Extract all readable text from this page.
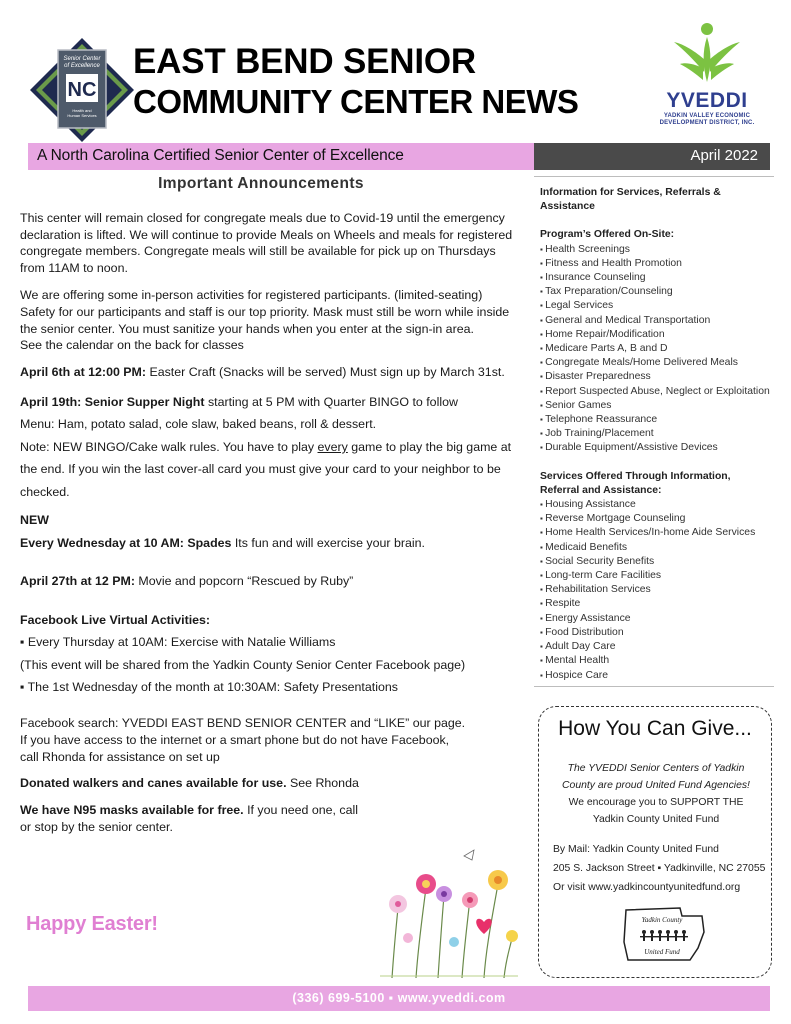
NC
Senior Center
of Excellence
Health and
Human Services
EAST BEND SENIOR
COMMUNITY CENTER NEWS	YVEDDI
YADKIN VALLEY ECONOMIC
DEVELOPMENT DISTRICT, INC.
A North Carolina Certified Senior Center of Excellence	April 2022
Important Announcements

This center will remain closed for congregate meals due to Covid-19 until the emergency declaration is lifted. We will continue to provide Meals on Wheels and meals for registered congregate members. Congregate meals will still be available for pick up on Thursdays from 11AM to noon.

We are offering some in-person activities for registered participants. (limited-seating) Safety for our participants and staff is our top priority. Mask must still be worn while inside the senior center. You must sanitize your hands when you enter at the sign-in area.

See the calendar on the back for classes

April 6th at 12:00 PM: Easter Craft (Snacks will be served) Must sign up by March 31st.

April 19th: Senior Supper Night starting at 5 PM with Quarter BINGO to follow

Menu: Ham, potato salad, cole slaw, baked beans, roll & dessert.

Note: NEW BINGO/Cake walk rules. You have to play every game to play the big game at the end. If you win the last cover-all card you must give your card to your neighbor to be checked.

NEW

Every Wednesday at 10 AM: Spades Its fun and will exercise your brain.

April 27th at 12 PM: Movie and popcorn “Rescued by Ruby”

Facebook Live Virtual Activities:

▪ Every Thursday at 10AM: Exercise with Natalie Williams

(This event will be shared from the Yadkin County Senior Center Facebook page)

▪ The 1st Wednesday of the month at 10:30AM: Safety Presentations

Facebook search: YVEDDI EAST BEND SENIOR CENTER and “LIKE” our page.

If you have access to the internet or a smart phone but do not have Facebook,

call Rhonda for assistance on set up

Donated walkers and canes available for use. See Rhonda

We have N95 masks available for free. If you need one, call or stop by the senior center.

Happy Easter!
Information for Services, Referrals & Assistance
Program’s Offered On-Site:
▪ Health Screenings
▪ Fitness and Health Promotion
▪ Insurance Counseling
▪ Tax Preparation/Counseling
▪ Legal Services
▪ General and Medical Transportation
▪ Home Repair/Modification
▪ Medicare Parts A, B and D
▪ Congregate Meals/Home Delivered Meals
▪ Disaster Preparedness
▪ Report Suspected Abuse, Neglect or Exploitation
▪ Senior Games
▪ Telephone Reassurance
▪ Job Training/Placement
▪ Durable Equipment/Assistive Devices
Services Offered Through Information, Referral and Assistance:
▪ Housing Assistance
▪ Reverse Mortgage Counseling
▪ Home Health Services/In-home Aide Services
▪ Medicaid Benefits
▪ Social Security Benefits
▪ Long-term Care Facilities
▪ Rehabilitation Services
▪ Respite
▪ Energy Assistance
▪ Food Distribution
▪ Adult Day Care
▪ Mental Health
▪ Hospice Care
How You Can Give...
The YVEDDI Senior Centers of Yadkin County are proud United Fund Agencies!
We encourage you to SUPPORT THE Yadkin County United Fund
By Mail: Yadkin County United Fund
205 S. Jackson Street ▪ Yadkinville, NC 27055
Or visit www.yadkincountyunitedfund.org
Yadkin County
United Fund
(336) 699-5100 ▪ www.yveddi.com
